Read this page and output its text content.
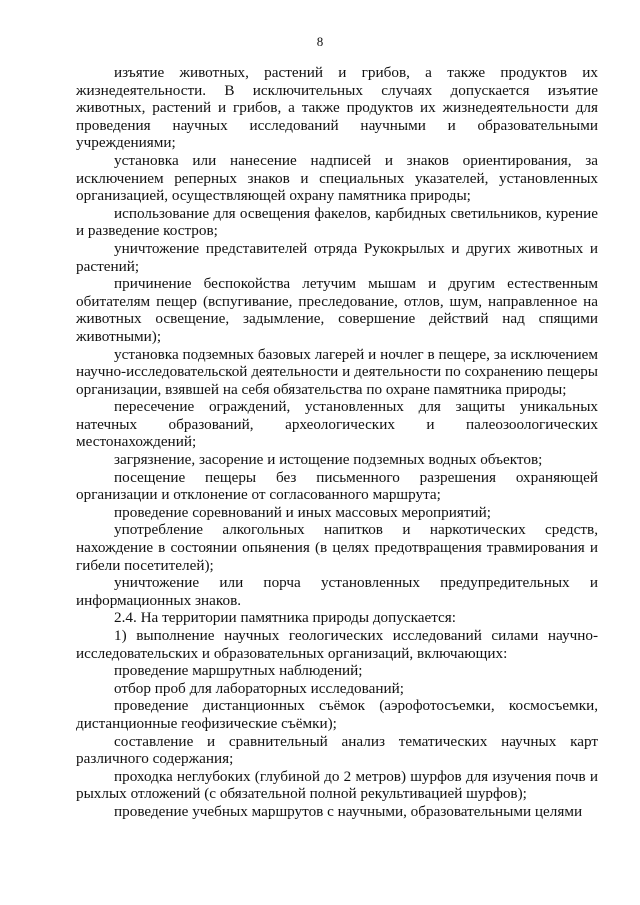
8

изъятие животных, растений и грибов, а также продуктов их жизнедеятельности. В исключительных случаях допускается изъятие животных, растений и грибов, а также продуктов их жизнедеятельности для проведения научных исследований научными и образовательными учреждениями;

установка или нанесение надписей и знаков ориентирования, за исключением реперных знаков и специальных указателей, установленных организацией, осуществляющей охрану памятника природы;

использование для освещения факелов, карбидных светильников, курение и разведение костров;

уничтожение представителей отряда Рукокрылых и других животных и растений;

причинение беспокойства летучим мышам и другим естественным обитателям пещер (вспугивание, преследование, отлов, шум, направленное на животных освещение, задымление, совершение действий над спящими животными);

установка подземных базовых лагерей и ночлег в пещере, за исключением научно-исследовательской деятельности и деятельности по сохранению пещеры организации, взявшей на себя обязательства по охране памятника природы;

пересечение ограждений, установленных для защиты уникальных натечных образований, археологических и палеозоологических местонахождений;

загрязнение, засорение и истощение подземных водных объектов;

посещение пещеры без письменного разрешения охраняющей организации и отклонение от согласованного маршрута;

проведение соревнований и иных массовых мероприятий;

употребление алкогольных напитков и наркотических средств, нахождение в состоянии опьянения (в целях предотвращения травмирования и гибели посетителей);

уничтожение или порча установленных предупредительных и информационных знаков.

2.4. На территории памятника природы допускается:

1) выполнение научных геологических исследований силами научно-исследовательских и образовательных организаций, включающих:

проведение маршрутных наблюдений;

отбор проб для лабораторных исследований;

проведение дистанционных съёмок (аэрофотосъемки, космосъемки, дистанционные геофизические съёмки);

составление и сравнительный анализ тематических научных карт различного содержания;

проходка неглубоких (глубиной до 2 метров) шурфов для изучения почв и рыхлых отложений (с обязательной полной рекультивацией шурфов);

проведение учебных маршрутов с научными, образовательными целями
